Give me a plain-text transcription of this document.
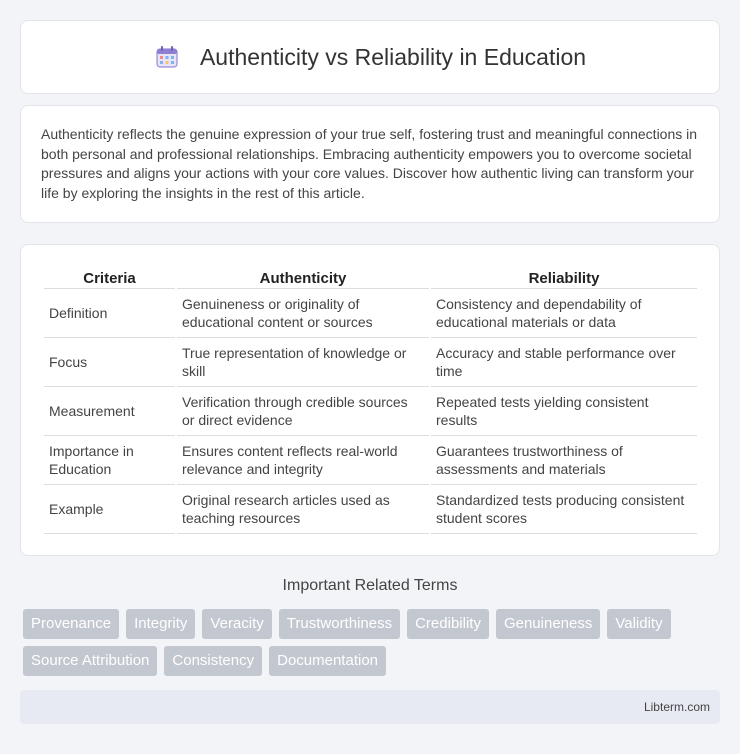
Authenticity vs Reliability in Education

Authenticity reflects the genuine expression of your true self, fostering trust and meaningful connections in both personal and professional relationships. Embracing authenticity empowers you to overcome societal pressures and aligns your actions with your core values. Discover how authentic living can transform your life by exploring the insights in the rest of this article.

Criteria	Authenticity	Reliability
Definition	Genuineness or originality of educational content or sources	Consistency and dependability of educational materials or data
Focus	True representation of knowledge or skill	Accuracy and stable performance over time
Measurement	Verification through credible sources or direct evidence	Repeated tests yielding consistent results
Importance in Education	Ensures content reflects real-world relevance and integrity	Guarantees trustworthiness of assessments and materials
Example	Original research articles used as teaching resources	Standardized tests producing consistent student scores
Important Related Terms
Provenance	Integrity	Veracity	Trustworthiness	Credibility	Genuineness	Validity
Source Attribution	Consistency	Documentation
Libterm.com
